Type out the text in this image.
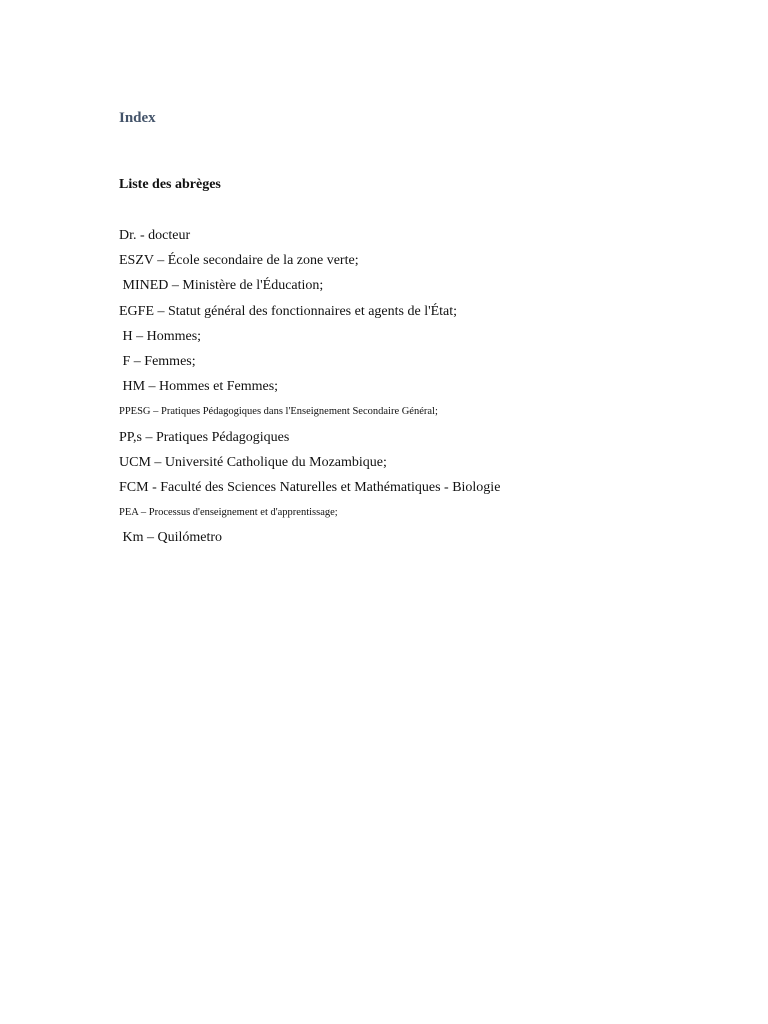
Index
Liste des abrèges
Dr. - docteur
ESZV – École secondaire de la zone verte;
MINED – Ministère de l'Éducation;
EGFE – Statut général des fonctionnaires et agents de l'État;
H – Hommes;
F – Femmes;
HM – Hommes et Femmes;
PPESG – Pratiques Pédagogiques dans l'Enseignement Secondaire Général;
PP,s – Pratiques Pédagogiques
UCM – Université Catholique du Mozambique;
FCM - Faculté des Sciences Naturelles et Mathématiques - Biologie
PEA – Processus d'enseignement et d'apprentissage;
Km – Quilómetro
